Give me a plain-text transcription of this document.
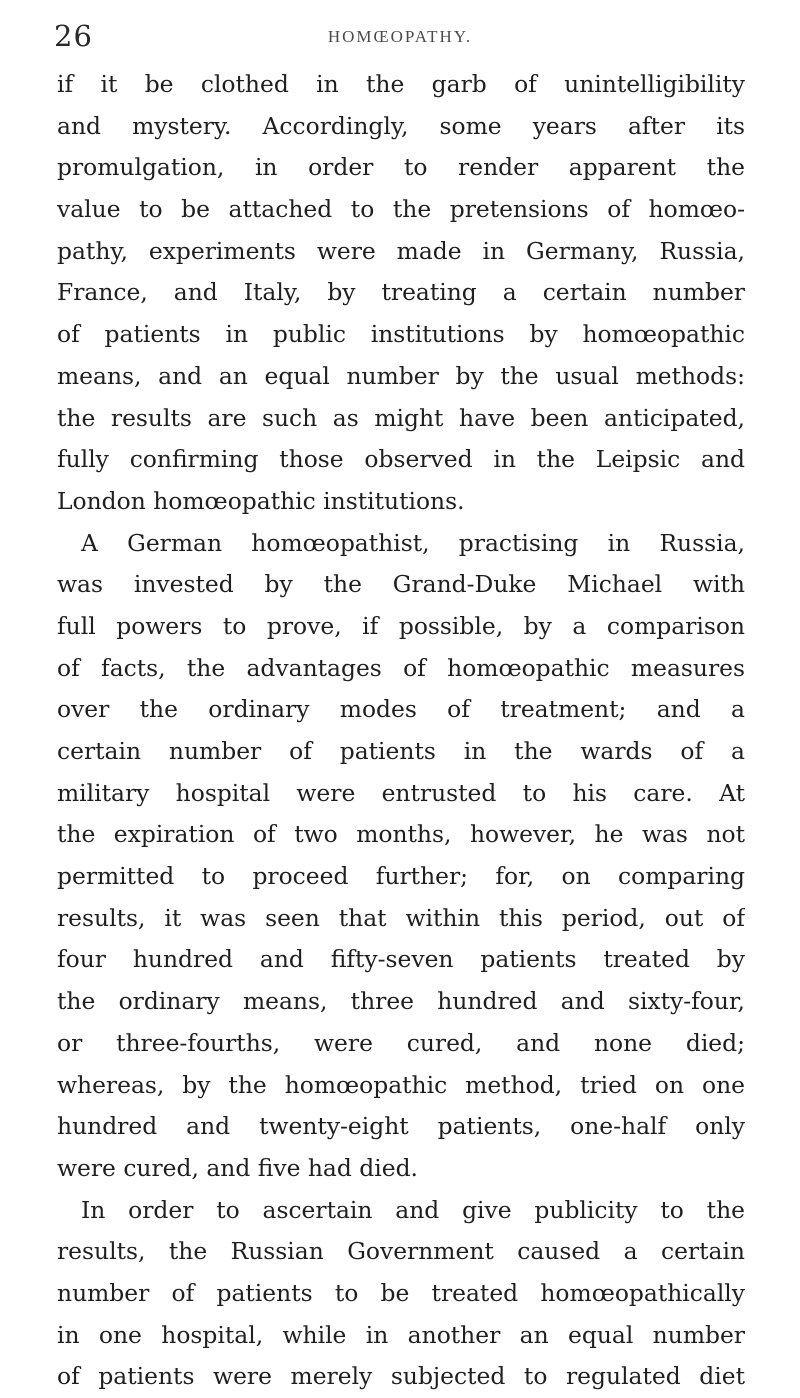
26	HOMŒOPATHY.
if it be clothed in the garb of unintelligibility
and mystery. Accordingly, some years after its
promulgation, in order to render apparent the
value to be attached to the pretensions of homœo-
pathy, experiments were made in Germany, Russia,
France, and Italy, by treating a certain number
of patients in public institutions by homœopathic
means, and an equal number by the usual methods:
the results are such as might have been anticipated,
fully confirming those observed in the Leipsic and
London homœopathic institutions.
A German homœopathist, practising in Russia,
was invested by the Grand-Duke Michael with
full powers to prove, if possible, by a comparison
of facts, the advantages of homœopathic measures
over the ordinary modes of treatment; and a
certain number of patients in the wards of a
military hospital were entrusted to his care. At
the expiration of two months, however, he was not
permitted to proceed further; for, on comparing
results, it was seen that within this period, out of
four hundred and fifty-seven patients treated by
the ordinary means, three hundred and sixty-four,
or three-fourths, were cured, and none died;
whereas, by the homœopathic method, tried on one
hundred and twenty-eight patients, one-half only
were cured, and five had died.
In order to ascertain and give publicity to the
results, the Russian Government caused a certain
number of patients to be treated homœopathically
in one hospital, while in another an equal number
of patients were merely subjected to regulated diet
